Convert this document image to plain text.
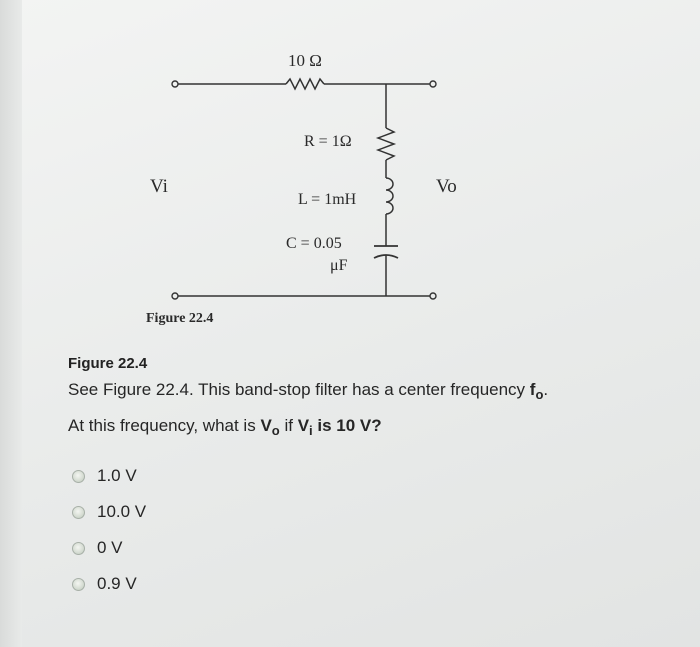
10 Ω
R = 1Ω
L = 1mH
C = 0.05
μF
Vi	Vo
Figure 22.4
Figure 22.4
See Figure 22.4. This band-stop filter has a center frequency $f_o$.
At this frequency, what is $V_o$ if $V_i$ is 10 V?
1.0 V
10.0 V
0 V
0.9 V
